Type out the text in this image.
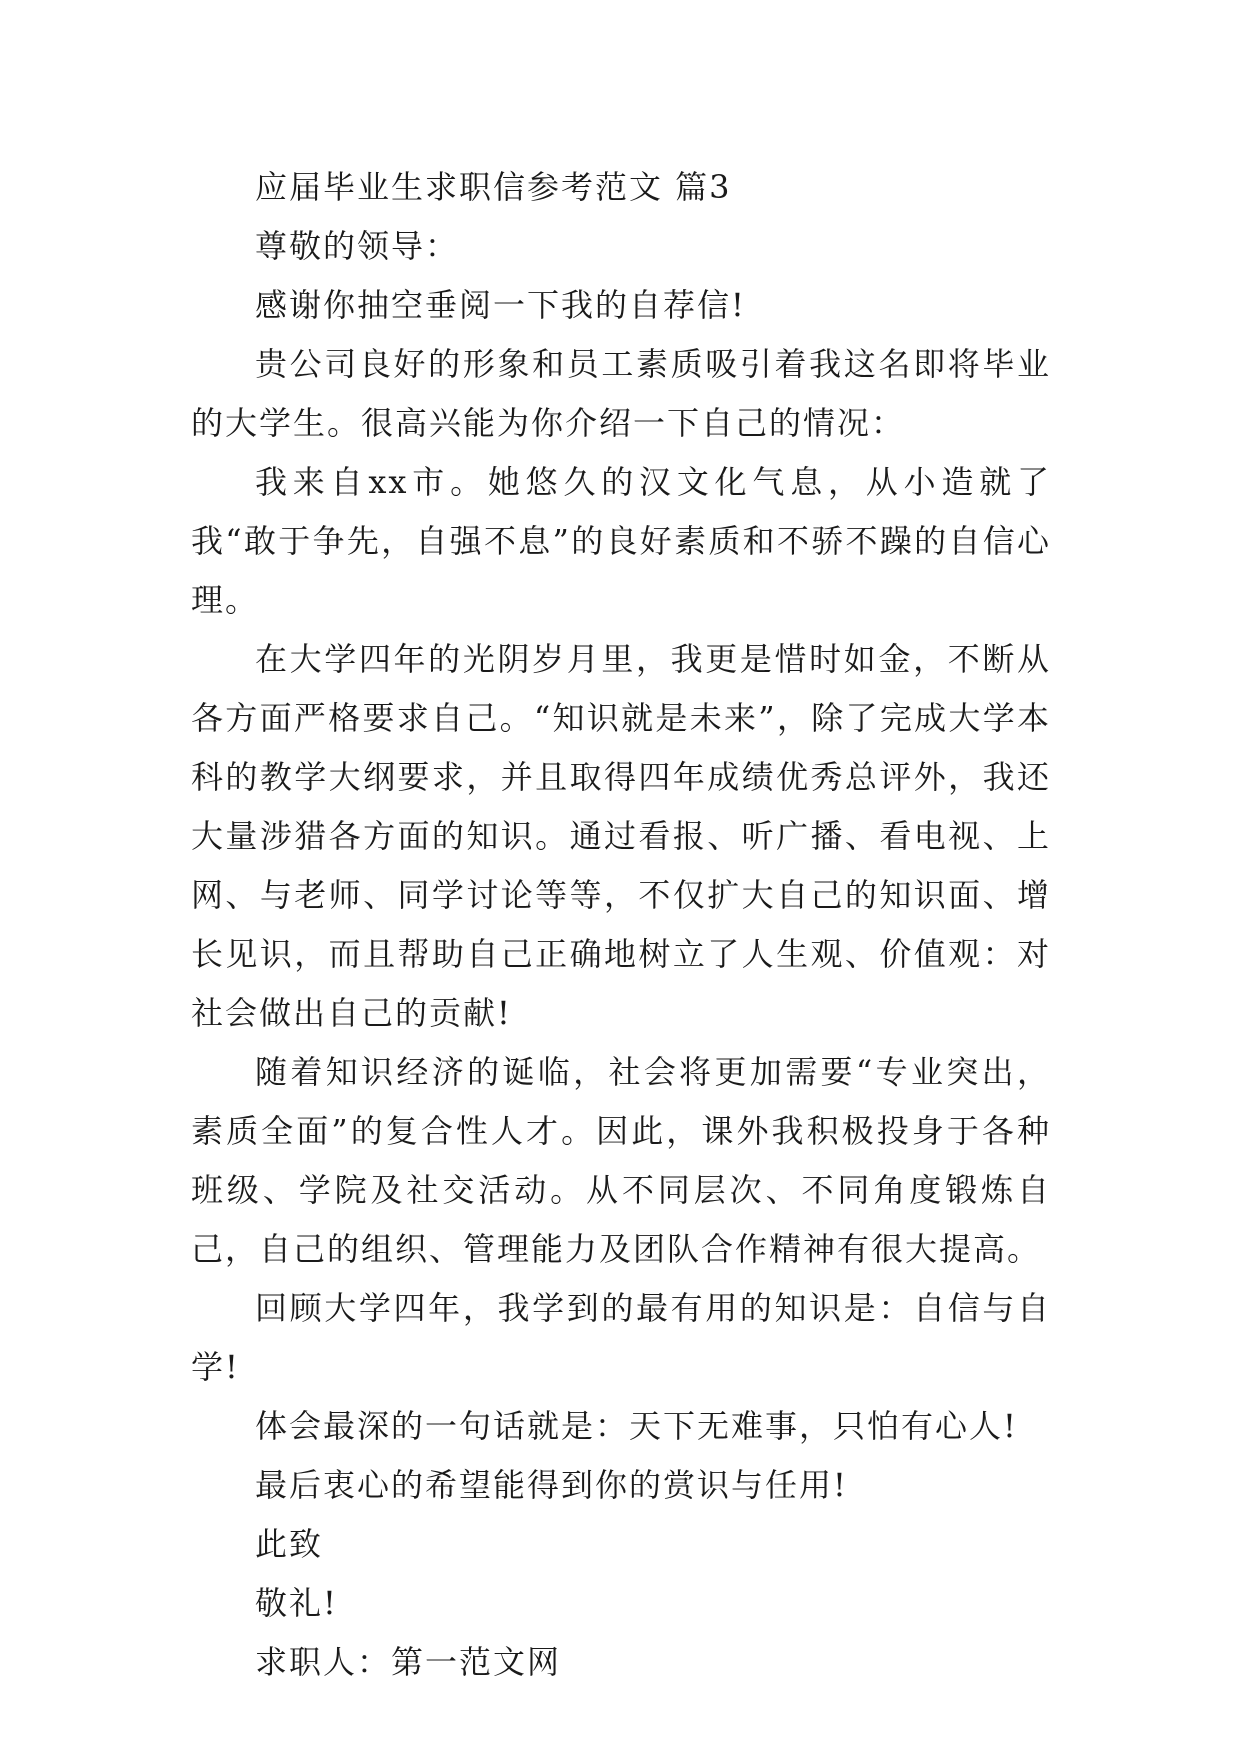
应届毕业生求职信参考范文 篇3

尊敬的领导：

感谢你抽空垂阅一下我的自荐信!

贵公司良好的形象和员工素质吸引着我这名即将毕业的大学生。很高兴能为你介绍一下自己的情况：

我来自xx市。她悠久的汉文化气息，从小造就了我“敢于争先，自强不息”的良好素质和不骄不躁的自信心理。

在大学四年的光阴岁月里，我更是惜时如金，不断从各方面严格要求自己。“知识就是未来”，除了完成大学本科的教学大纲要求，并且取得四年成绩优秀总评外，我还大量涉猎各方面的知识。通过看报、听广播、看电视、上网、与老师、同学讨论等等，不仅扩大自己的知识面、增长见识，而且帮助自己正确地树立了人生观、价值观：对社会做出自己的贡献!

随着知识经济的诞临，社会将更加需要“专业突出，素质全面”的复合性人才。因此，课外我积极投身于各种班级、学院及社交活动。从不同层次、不同角度锻炼自己，自己的组织、管理能力及团队合作精神有很大提高。

回顾大学四年，我学到的最有用的知识是：自信与自学!

体会最深的一句话就是：天下无难事，只怕有心人!

最后衷心的希望能得到你的赏识与任用!

此致

敬礼!

求职人：第一范文网
